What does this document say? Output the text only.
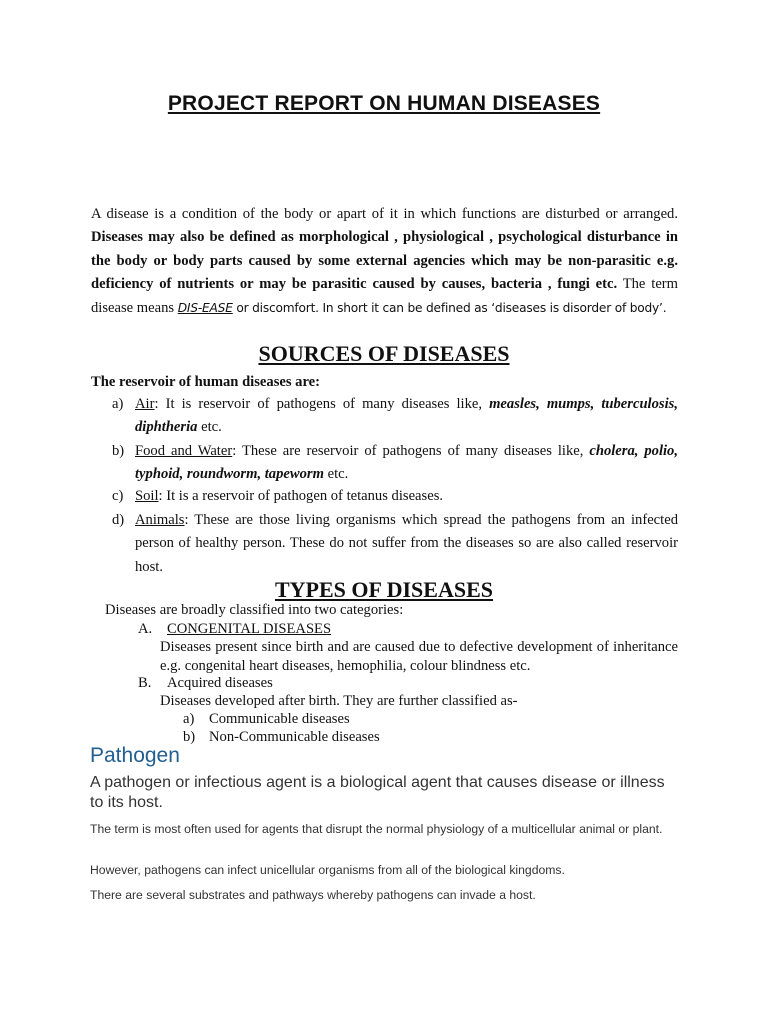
PROJECT REPORT ON HUMAN DISEASES
A disease is a condition of the body or apart of it in which functions are disturbed or arranged. Diseases may also be defined as morphological , physiological , psychological disturbance in the body or body parts caused by some external agencies which may be non-parasitic e.g. deficiency of nutrients or may be parasitic caused by causes, bacteria , fungi etc. The term disease means DIS-EASE or discomfort. In short it can be defined as ‘diseases is disorder of body’.
SOURCES OF DISEASES
The reservoir of human diseases are:
a) Air: It is reservoir of pathogens of many diseases like, measles, mumps, tuberculosis, diphtheria etc.
b) Food and Water: These are reservoir of pathogens of many diseases like, cholera, polio, typhoid, roundworm, tapeworm etc.
c) Soil: It is a reservoir of pathogen of tetanus diseases.
d) Animals: These are those living organisms which spread the pathogens from an infected person of healthy person. These do not suffer from the diseases so are also called reservoir host.
TYPES OF DISEASES
Diseases are broadly classified into two categories:
A. CONGENITAL DISEASES
Diseases present since birth and are caused due to defective development of inheritance e.g. congenital heart diseases, hemophilia, colour blindness etc.
B. Acquired diseases
Diseases developed after birth. They are further classified as-
a) Communicable diseases
b) Non-Communicable diseases
Pathogen
A pathogen or infectious agent is a biological agent that causes disease or illness to its host.
The term is most often used for agents that disrupt the normal physiology of a multicellular animal or plant.
However, pathogens can infect unicellular organisms from all of the biological kingdoms.
There are several substrates and pathways whereby pathogens can invade a host.
